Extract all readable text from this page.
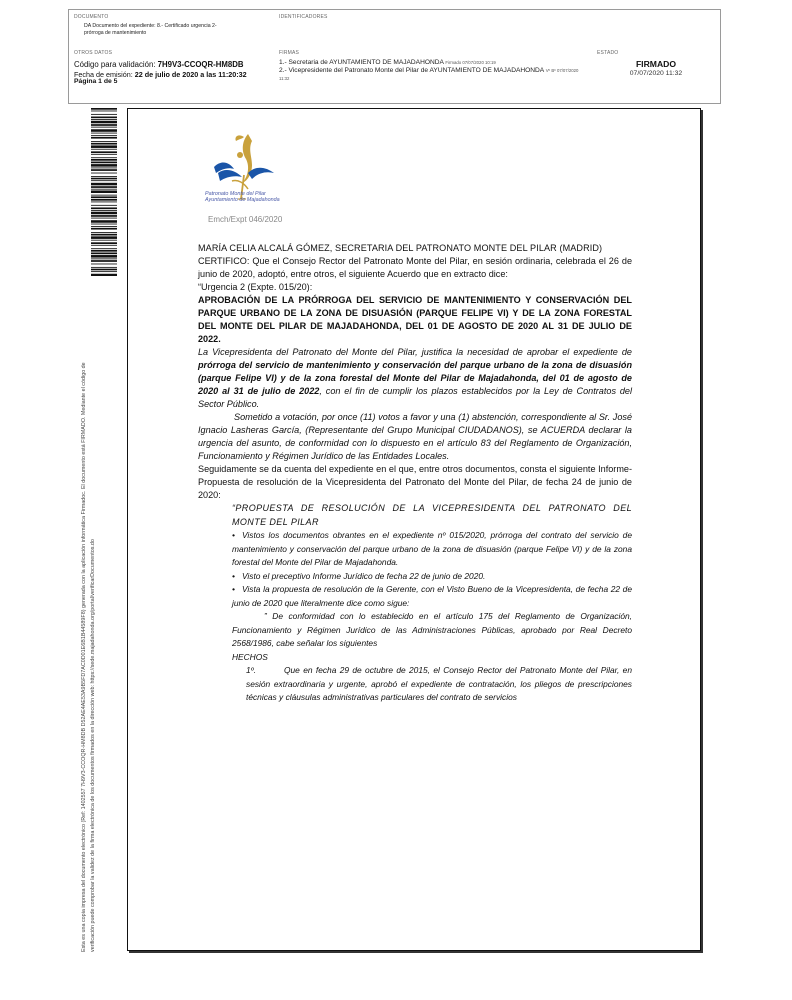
DOCUMENTO
DA Documento del expediente: 8.- Certificado urgencia 2- prórroga de mantenimiento
IDENTIFICADORES
OTROS DATOS
Código para validación: 7H9V3-CCOQR-HM8DB
Fecha de emisión: 22 de julio de 2020 a las 11:20:32
Página 1 de 5
FIRMAS
1.- Secretaria de AYUNTAMIENTO DE MAJADAHONDA Firmado 07/07/2020 10:19
2.- Vicepresidente del Patronato Monte del Pilar de AYUNTAMIENTO DE MAJADAHONDA Vº Bº 07/07/2020 11:32
ESTADO
FIRMADO
07/07/2020 11:32
Esta es una copia impresa del documento electrónico (Ref: 1402557 7H9V3-CCOQR-HM8DB D52AE4AE53A9B5FD7AC0D01E6B1B44589F8) generada con la aplicación informática Firmadoc. El documento está FIRMADO. Mediante el código de verificación puede comprobar la validez de la firma electrónica de los documentos firmados en la dirección web: https://sede.majadahonda.org/portal/verificarDocumentos.do
Patronato Monte del Pilar
Ayuntamiento de Majadahonda
Emch/Expt 046/2020

MARÍA CELIA ALCALÁ GÓMEZ, SECRETARIA DEL PATRONATO MONTE DEL PILAR (MADRID)

CERTIFICO: Que el Consejo Rector del Patronato Monte del Pilar, en sesión ordinaria, celebrada el 26 de junio de 2020, adoptó, entre otros, el siguiente Acuerdo que en extracto dice:

“Urgencia 2 (Expte. 015/20):

APROBACIÓN DE LA PRÓRROGA DEL SERVICIO DE MANTENIMIENTO Y CONSERVACIÓN DEL PARQUE URBANO DE LA ZONA DE DISUASIÓN (PARQUE FELIPE VI) Y DE LA ZONA FORESTAL DEL MONTE DEL PILAR DE MAJADAHONDA, DEL 01 DE AGOSTO DE 2020 AL 31 DE JULIO DE 2022.

La Vicepresidenta del Patronato del Monte del Pilar, justifica la necesidad de aprobar el expediente de prórroga del servicio de mantenimiento y conservación del parque urbano de la zona de disuasión (parque Felipe VI) y de la zona forestal del Monte del Pilar de Majadahonda, del 01 de agosto de 2020 al 31 de julio de 2022, con el fin de cumplir los plazos establecidos por la Ley de Contratos del Sector Público.

Sometido a votación, por once (11) votos a favor y una (1) abstención, correspondiente al Sr. José Ignacio Lasheras García, (Representante del Grupo Municipal CIUDADANOS), se ACUERDA declarar la urgencia del asunto, de conformidad con lo dispuesto en el artículo 83 del Reglamento de Organización, Funcionamiento y Régimen Jurídico de las Entidades Locales.

Seguidamente se da cuenta del expediente en el que, entre otros documentos, consta el siguiente Informe-Propuesta de resolución de la Vicepresidenta del Patronato del Monte del Pilar, de fecha 24 de junio de 2020:

“PROPUESTA DE RESOLUCIÓN DE LA VICEPRESIDENTA DEL PATRONATO DEL MONTE DEL PILAR

• Vistos los documentos obrantes en el expediente nº 015/2020, prórroga del contrato del servicio de mantenimiento y conservación del parque urbano de la zona de disuasión (parque Felipe VI) y de la zona forestal del Monte del Pilar de Majadahonda.

• Visto el preceptivo Informe Jurídico de fecha 22 de junio de 2020.

• Vista la propuesta de resolución de la Gerente, con el Visto Bueno de la Vicepresidenta, de fecha 22 de junio de 2020 que literalmente dice como sigue:

” De conformidad con lo establecido en el artículo 175 del Reglamento de Organización, Funcionamiento y Régimen Jurídico de las Administraciones Públicas, aprobado por Real Decreto 2568/1986, cabe señalar los siguientes

HECHOS

1º.	Que en fecha 29 de octubre de 2015, el Consejo Rector del Patronato Monte del Pilar, en sesión extraordinaria y urgente, aprobó el expediente de contratación, los pliegos de prescripciones técnicas y cláusulas administrativas particulares del contrato de servicios
